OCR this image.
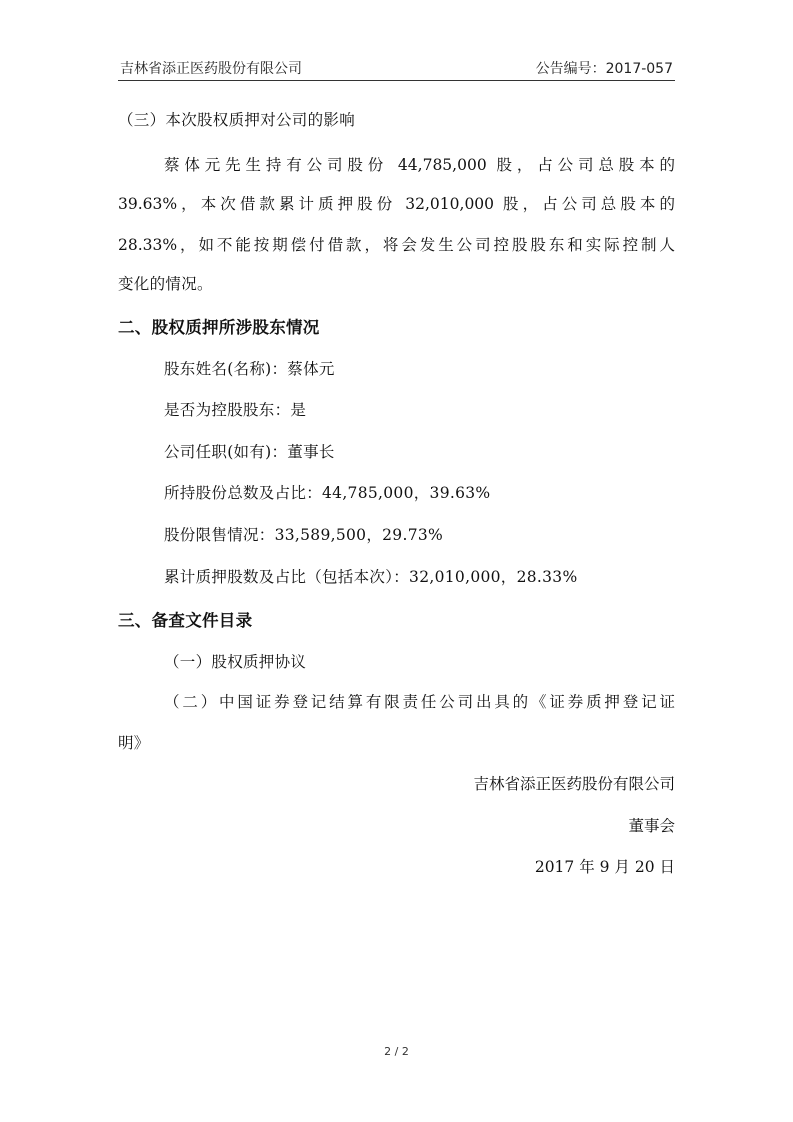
吉林省添正医药股份有限公司	公告编号：2017-057
（三）本次股权质押对公司的影响
蔡体元先生持有公司股份 44,785,000 股，占公司总股本的
39.63%，本次借款累计质押股份 32,010,000 股，占公司总股本的
28.33%，如不能按期偿付借款，将会发生公司控股股东和实际控制人
变化的情况。
二、股权质押所涉股东情况
股东姓名(名称)：蔡体元
是否为控股股东：是
公司任职(如有)：董事长
所持股份总数及占比：44,785,000，39.63%
股份限售情况：33,589,500，29.73%
累计质押股数及占比（包括本次）：32,010,000，28.33%
三、备查文件目录
（一）股权质押协议
（二）中国证券登记结算有限责任公司出具的《证券质押登记证
明》
吉林省添正医药股份有限公司
董事会
2017 年 9 月 20 日
2 / 2
